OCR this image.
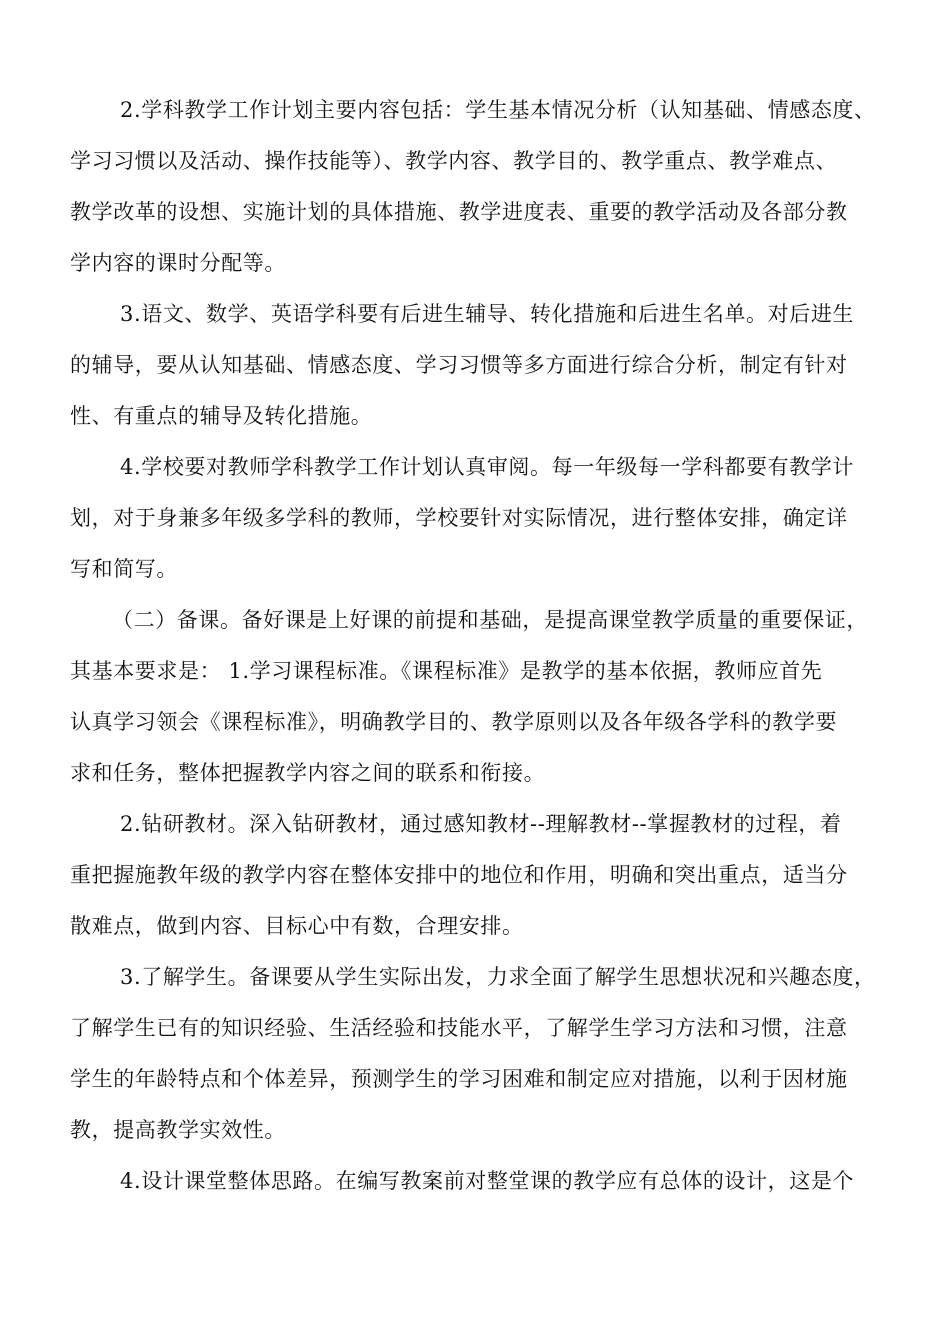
2.学科教学工作计划主要内容包括：学生基本情况分析（认知基础、情感态度、
学习习惯以及活动、操作技能等）、教学内容、教学目的、教学重点、教学难点、
教学改革的设想、实施计划的具体措施、教学进度表、重要的教学活动及各部分教
学内容的课时分配等。
3.语文、数学、英语学科要有后进生辅导、转化措施和后进生名单。对后进生
的辅导，要从认知基础、情感态度、学习习惯等多方面进行综合分析，制定有针对
性、有重点的辅导及转化措施。
4.学校要对教师学科教学工作计划认真审阅。每一年级每一学科都要有教学计
划，对于身兼多年级多学科的教师，学校要针对实际情况，进行整体安排，确定详
写和简写。
（二）备课。备好课是上好课的前提和基础，是提高课堂教学质量的重要保证，
其基本要求是： 1.学习课程标准。《课程标准》是教学的基本依据，教师应首先
认真学习领会《课程标准》，明确教学目的、教学原则以及各年级各学科的教学要
求和任务，整体把握教学内容之间的联系和衔接。
2.钻研教材。深入钻研教材，通过感知教材--理解教材--掌握教材的过程，着
重把握施教年级的教学内容在整体安排中的地位和作用，明确和突出重点，适当分
散难点，做到内容、目标心中有数，合理安排。
3.了解学生。备课要从学生实际出发，力求全面了解学生思想状况和兴趣态度，
了解学生已有的知识经验、生活经验和技能水平，了解学生学习方法和习惯，注意
学生的年龄特点和个体差异，预测学生的学习困难和制定应对措施，以利于因材施
教，提高教学实效性。
4.设计课堂整体思路。在编写教案前对整堂课的教学应有总体的设计，这是个
